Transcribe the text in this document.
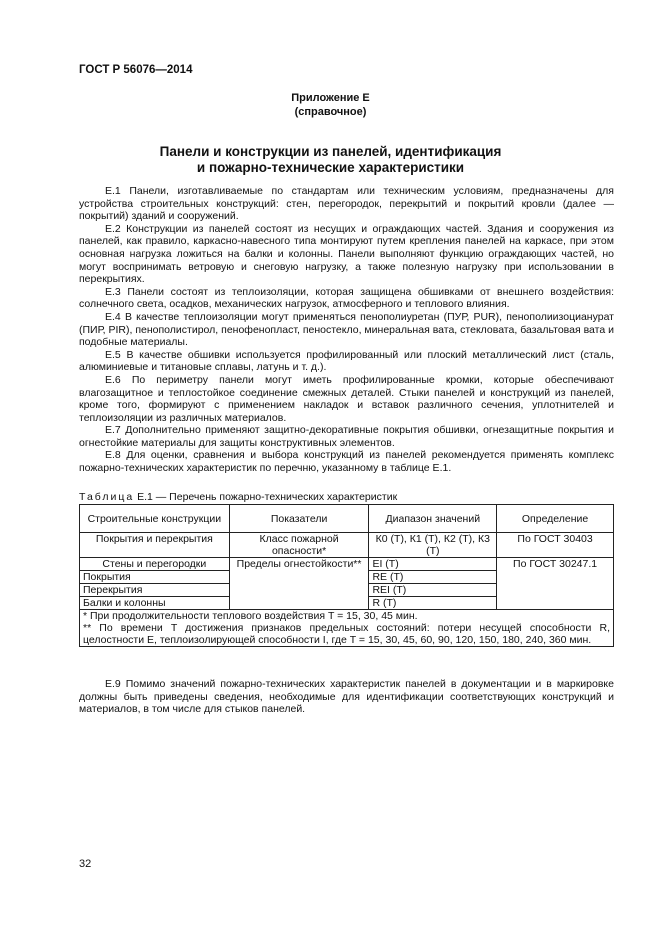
ГОСТ Р 56076—2014
Приложение Е
(справочное)
Панели и конструкции из панелей, идентификация
и пожарно-технические характеристики

Е.1 Панели, изготавливаемые по стандартам или техническим условиям, предназначены для устройства строительных конструкций: стен, перегородок, перекрытий и покрытий кровли (далее — покрытий) зданий и сооружений.

Е.2 Конструкции из панелей состоят из несущих и ограждающих частей. Здания и сооружения из панелей, как правило, каркасно-навесного типа монтируют путем крепления панелей на каркасе, при этом основная нагрузка ложиться на балки и колонны. Панели выполняют функцию ограждающих частей, но могут воспринимать ветровую и снеговую нагрузку, а также полезную нагрузку при использовании в перекрытиях.

Е.3 Панели состоят из теплоизоляции, которая защищена обшивками от внешнего воздействия: солнечного света, осадков, механических нагрузок, атмосферного и теплового влияния.

Е.4 В качестве теплоизоляции могут применяться пенополиуретан (ПУР, PUR), пенополиизоцианурат (ПИР, PIR), пенополистирол, пенофенопласт, пеностекло, минеральная вата, стекловата, базальтовая вата и подобные материалы.

Е.5 В качестве обшивки используется профилированный или плоский металлический лист (сталь, алюминиевые и титановые сплавы, латунь и т. д.).

Е.6 По периметру панели могут иметь профилированные кромки, которые обеспечивают влагозащитное и теплостойкое соединение смежных деталей. Стыки панелей и конструкций из панелей, кроме того, формируют с применением накладок и вставок различного сечения, уплотнителей и теплоизоляции из различных материалов.

Е.7 Дополнительно применяют защитно-декоративные покрытия обшивки, огнезащитные покрытия и огнестойкие материалы для защиты конструктивных элементов.

Е.8 Для оценки, сравнения и выбора конструкций из панелей рекомендуется применять комплекс пожарно-технических характеристик по перечню, указанному в таблице Е.1.

Таблица Е.1 — Перечень пожарно-технических характеристик
Строительные конструкции	Показатели	Диапазон значений	Определение
Покрытия и перекрытия	Класс пожарной опасности*	К0 (T), К1 (T), К2 (T), К3 (T)	По ГОСТ 30403
Стены и перегородки	Пределы огнестойкости**	EI (T)	По ГОСТ 30247.1
Покрытия		RE (T)	
Перекрытия		REI (T)	
Балки и колонны		R (T)	

* При продолжительности теплового воздействия T = 15, 30, 45 мин.

** По времени T достижения признаков предельных состояний: потери несущей способности R, целостности E, теплоизолирующей способности I, где T = 15, 30, 45, 60, 90, 120, 150, 180, 240, 360 мин.			

Е.9 Помимо значений пожарно-технических характеристик панелей в документации и в маркировке должны быть приведены сведения, необходимые для идентификации соответствующих конструкций и материалов, в том числе для стыков панелей.

32
